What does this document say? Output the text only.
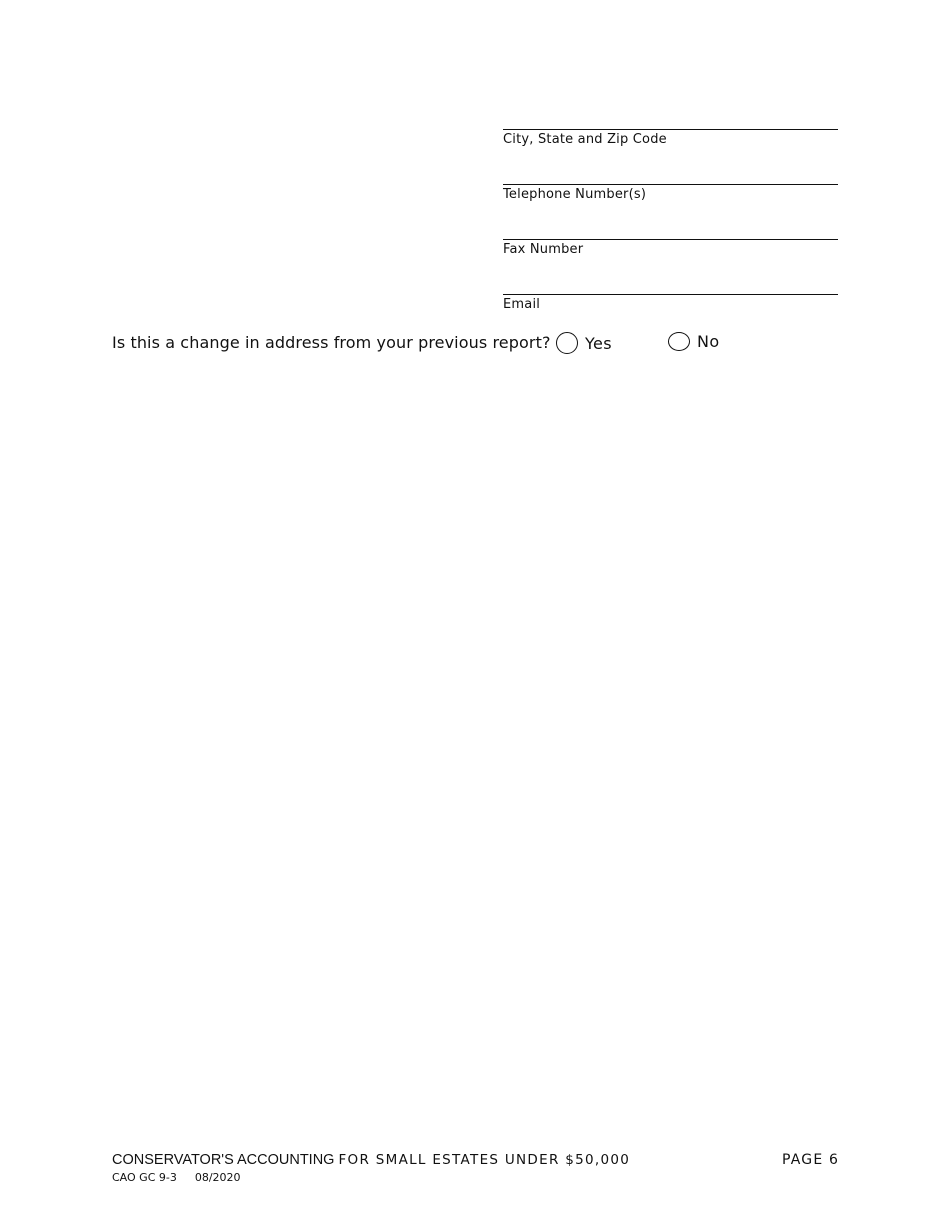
City, State and Zip Code
Telephone Number(s)
Fax Number
Email
Is this a change in address from your previous report? Yes	No
CONSERVATOR'S ACCOUNTING FOR SMALL ESTATES UNDER $50,000	PAGE 6
CAO GC 9-3 08/2020
